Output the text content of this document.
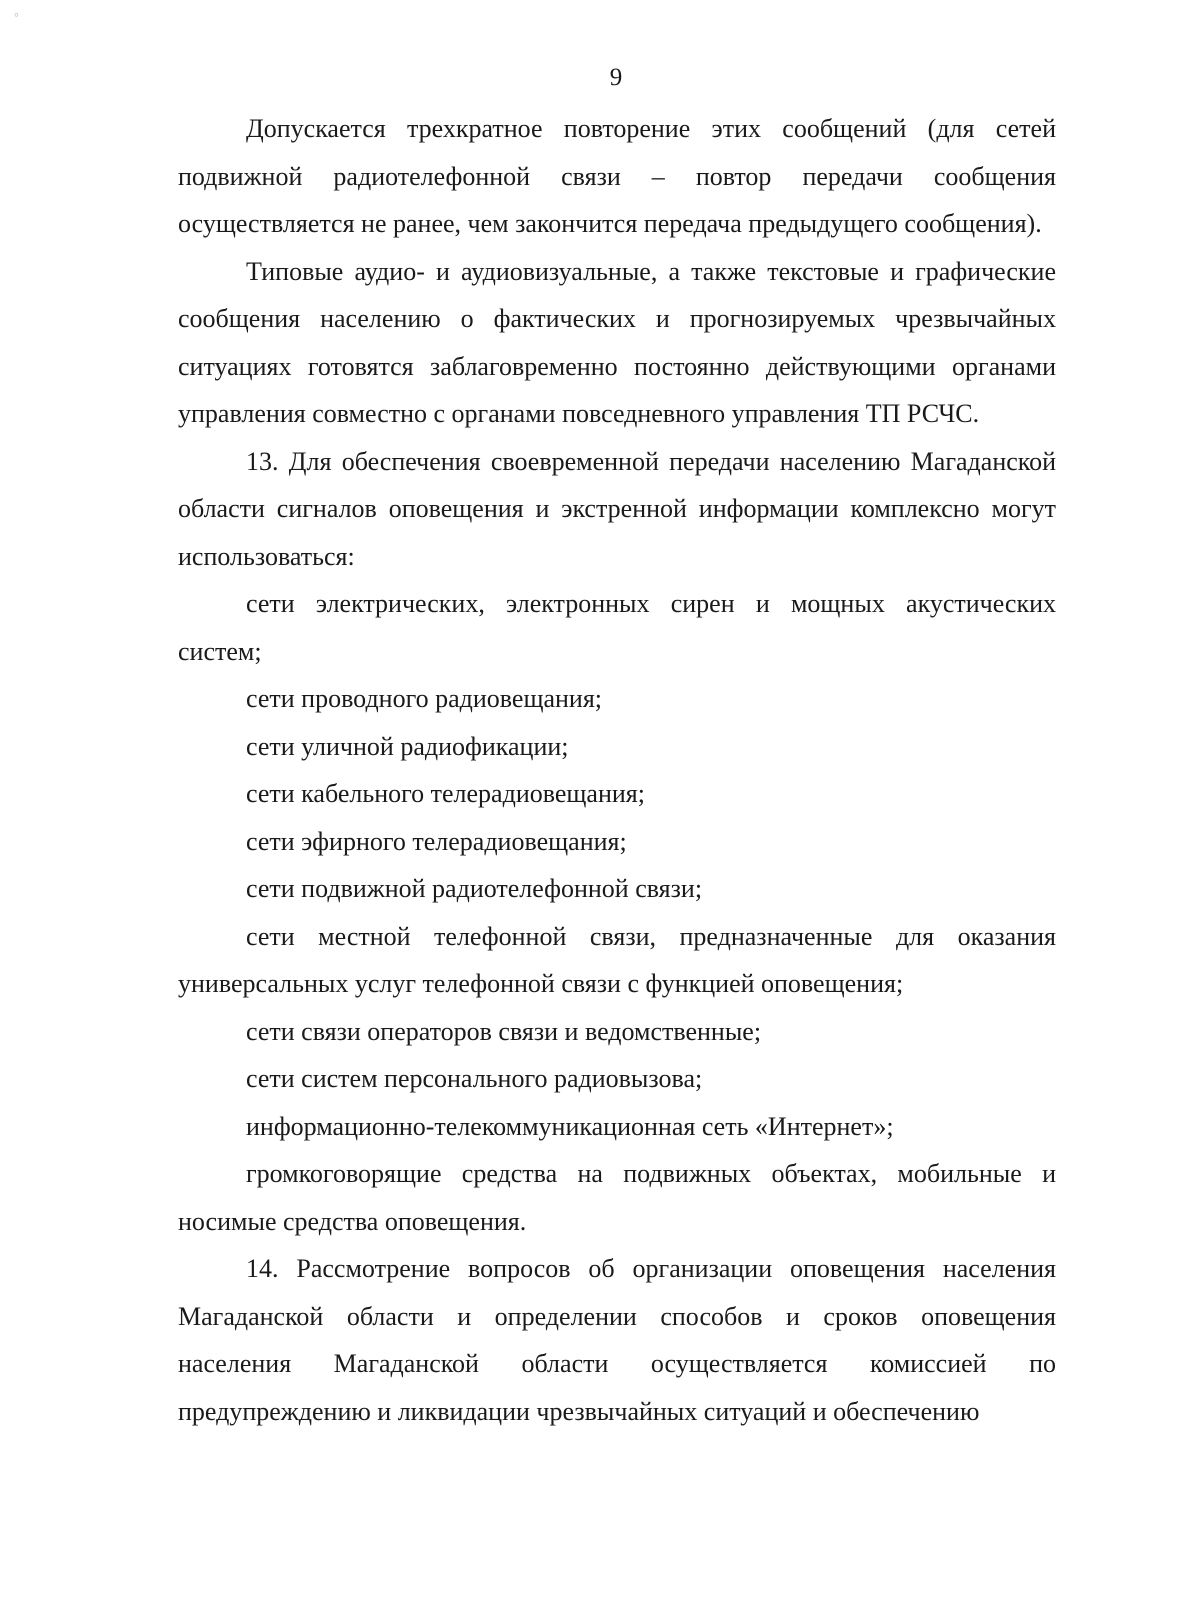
°
9

Допускается трехкратное повторение этих сообщений (для сетей подвижной радиотелефонной связи – повтор передачи сообщения осуществляется не ранее, чем закончится передача предыдущего сообщения).

Типовые аудио- и аудиовизуальные, а также текстовые и графические сообщения населению о фактических и прогнозируемых чрезвычайных ситуациях готовятся заблаговременно постоянно действующими органами управления совместно с органами повседневного управления ТП РСЧС.

13. Для обеспечения своевременной передачи населению Магаданской области сигналов оповещения и экстренной информации комплексно могут использоваться:

сети электрических, электронных сирен и мощных акустических систем;

сети проводного радиовещания;

сети уличной радиофикации;

сети кабельного телерадиовещания;

сети эфирного телерадиовещания;

сети подвижной радиотелефонной связи;

сети местной телефонной связи, предназначенные для оказания универсальных услуг телефонной связи с функцией оповещения;

сети связи операторов связи и ведомственные;

сети систем персонального радиовызова;

информационно-телекоммуникационная сеть «Интернет»;

громкоговорящие средства на подвижных объектах, мобильные и носимые средства оповещения.

14. Рассмотрение вопросов об организации оповещения населения Магаданской области и определении способов и сроков оповещения населения Магаданской области осуществляется комиссией по предупреждению и ликвидации чрезвычайных ситуаций и обеспечению
